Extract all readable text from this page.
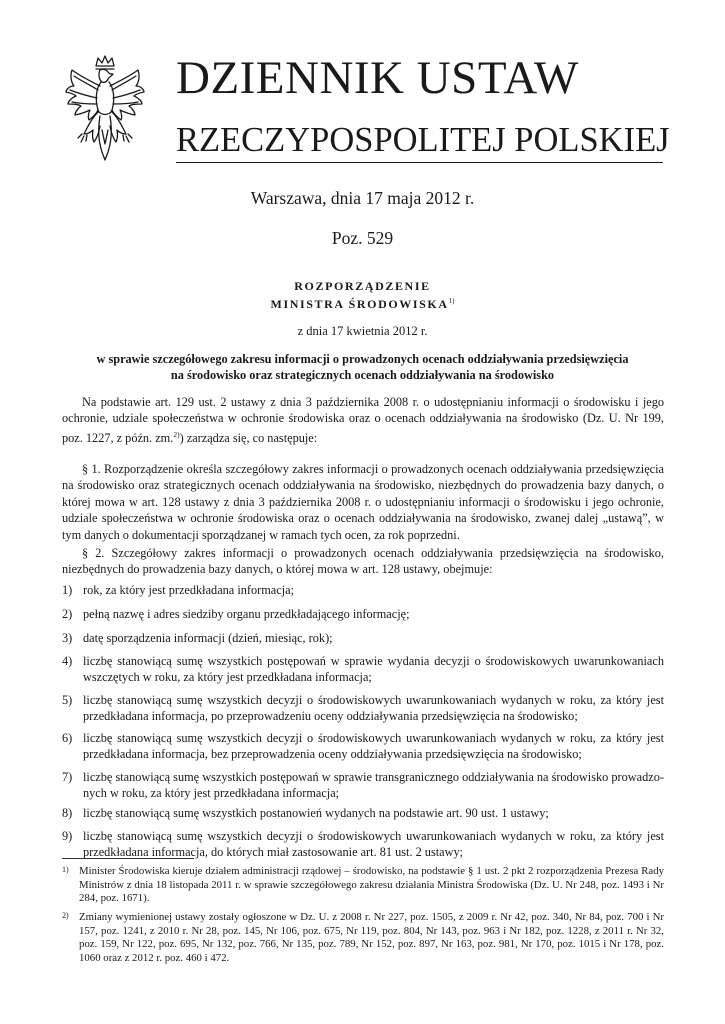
DZIENNIK USTAW
RZECZYPOSPOLITEJ POLSKIEJ
Warszawa, dnia 17 maja 2012 r.
Poz. 529
ROZPORZĄDZENIE
MINISTRA ŚRODOWISKA$^{1)}$
z dnia 17 kwietnia 2012 r.
w sprawie szczegółowego zakresu informacji o prowadzonych ocenach oddziaływania przedsięwzięcia
na środowisko oraz strategicznych ocenach oddziaływania na środowisko

Na podstawie art. 129 ust. 2 ustawy z dnia 3 października 2008 r. o udostępnianiu informacji o środowisku i jego ochronie, udziale społeczeństwa w ochronie środowiska oraz o ocenach oddziaływania na środowisko (Dz. U. Nr 199, poz. 1227, z późn. zm.$^{2)}$) zarządza się, co następuje:

§ 1. Rozporządzenie określa szczegółowy zakres informacji o prowadzonych ocenach oddziaływania przedsięwzięcia na środowisko oraz strategicznych ocenach oddziaływania na środowisko, niezbędnych do prowadzenia bazy danych, o której mowa w art. 128 ustawy z dnia 3 października 2008 r. o udostępnianiu informacji o środowisku i jego ochronie, udziale społeczeństwa w ochronie środowiska oraz o ocenach oddziaływania na środowisko, zwanej dalej „ustawą”, w tym danych o dokumentacji sporządzanej w ramach tych ocen, za rok poprzedni.

§ 2. Szczegółowy zakres informacji o prowadzonych ocenach oddziaływania przedsięwzięcia na środowisko, niezbędnych do prowadzenia bazy danych, o której mowa w art. 128 ustawy, obejmuje:

1) rok, za który jest przedkładana informacja;
2) pełną nazwę i adres siedziby organu przedkładającego informację;
3) datę sporządzenia informacji (dzień, miesiąc, rok);
4) liczbę stanowiącą sumę wszystkich postępowań w sprawie wydania decyzji o środowiskowych uwarunkowaniach wszczętych w roku, za który jest przedkładana informacja;
5) liczbę stanowiącą sumę wszystkich decyzji o środowiskowych uwarunkowaniach wydanych w roku, za który jest przedkładana informacja, po przeprowadzeniu oceny oddziaływania przedsięwzięcia na środowisko;
6) liczbę stanowiącą sumę wszystkich decyzji o środowiskowych uwarunkowaniach wydanych w roku, za który jest przedkładana informacja, bez przeprowadzenia oceny oddziaływania przedsięwzięcia na środowisko;
7) liczbę stanowiącą sumę wszystkich postępowań w sprawie transgranicznego oddziaływania na środowisko prowadzonych w roku, za który jest przedkładana informacja;
8) liczbę stanowiącą sumę wszystkich postanowień wydanych na podstawie art. 90 ust. 1 ustawy;
9) liczbę stanowiącą sumę wszystkich decyzji o środowiskowych uwarunkowaniach wydanych w roku, za który jest przedkładana informacja, do których miał zastosowanie art. 81 ust. 2 ustawy;
1) Minister Środowiska kieruje działem administracji rządowej – środowisko, na podstawie § 1 ust. 2 pkt 2 rozporządzenia Prezesa Rady Ministrów z dnia 18 listopada 2011 r. w sprawie szczegółowego zakresu działania Ministra Środowiska (Dz. U. Nr 248, poz. 1493 i Nr 284, poz. 1671).
2) Zmiany wymienionej ustawy zostały ogłoszone w Dz. U. z 2008 r. Nr 227, poz. 1505, z 2009 r. Nr 42, poz. 340, Nr 84, poz. 700 i Nr 157, poz. 1241, z 2010 r. Nr 28, poz. 145, Nr 106, poz. 675, Nr 119, poz. 804, Nr 143, poz. 963 i Nr 182, poz. 1228, z 2011 r. Nr 32, poz. 159, Nr 122, poz. 695, Nr 132, poz. 766, Nr 135, poz. 789, Nr 152, poz. 897, Nr 163, poz. 981, Nr 170, poz. 1015 i Nr 178, poz. 1060 oraz z 2012 r. poz. 460 i 472.
